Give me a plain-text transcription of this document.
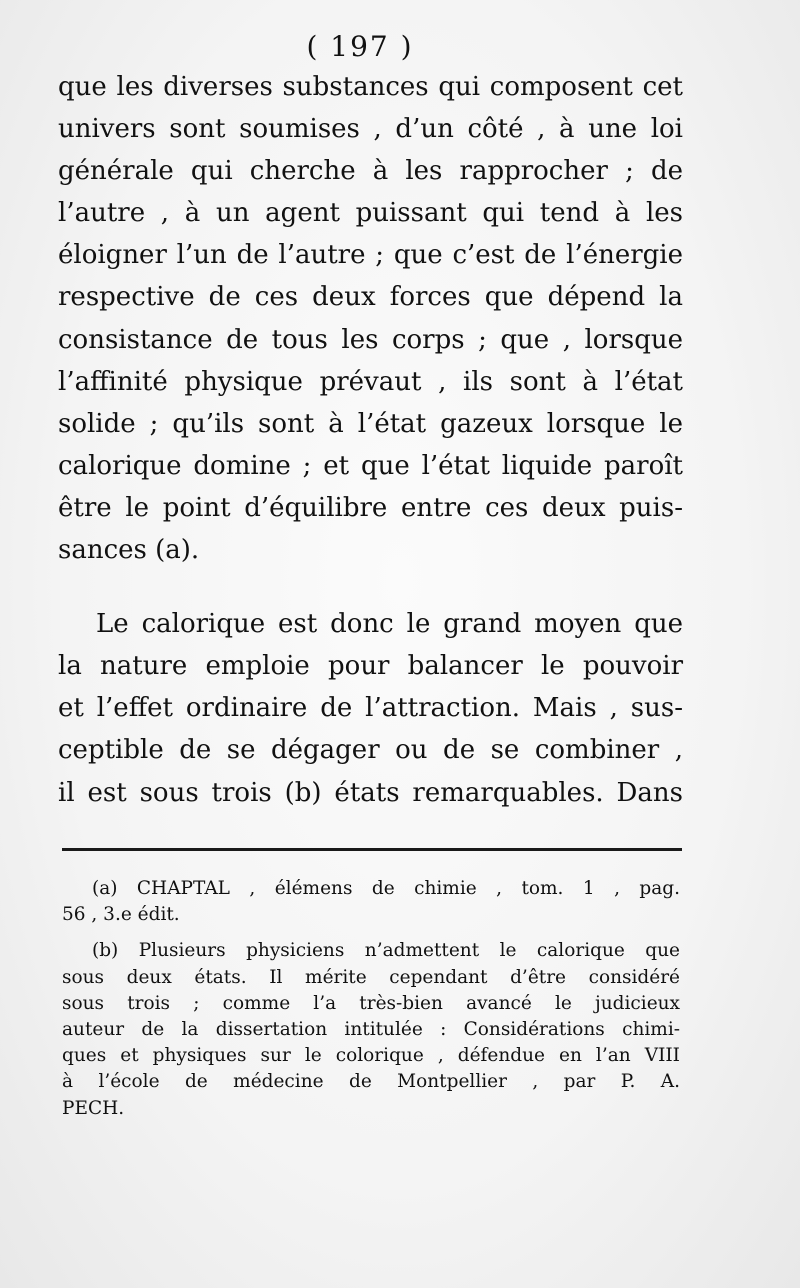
( 197 )
que les diverses substances qui composent cet
univers sont soumises , d’un côté , à une loi
générale qui cherche à les rapprocher ; de
l’autre , à un agent puissant qui tend à les
éloigner l’un de l’autre ; que c’est de l’énergie
respective de ces deux forces que dépend la
consistance de tous les corps ; que , lorsque
l’affinité physique prévaut , ils sont à l’état
solide ; qu’ils sont à l’état gazeux lorsque le
calorique domine ; et que l’état liquide paroît
être le point d’équilibre entre ces deux puis-
sances (a).
Le calorique est donc le grand moyen que
la nature emploie pour balancer le pouvoir
et l’effet ordinaire de l’attraction. Mais , sus-
ceptible de se dégager ou de se combiner ,
il est sous trois (b) états remarquables. Dans
(a) CHAPTAL , élémens de chimie , tom. 1 , pag.
56 , 3.e édit.
(b) Plusieurs physiciens n’admettent le calorique que
sous deux états. Il mérite cependant d’être considéré
sous trois ; comme l’a très-bien avancé le judicieux
auteur de la dissertation intitulée : Considérations chimi-
ques et physiques sur le colorique , défendue en l’an VIII
à l’école de médecine de Montpellier , par P. A.
PECH.
